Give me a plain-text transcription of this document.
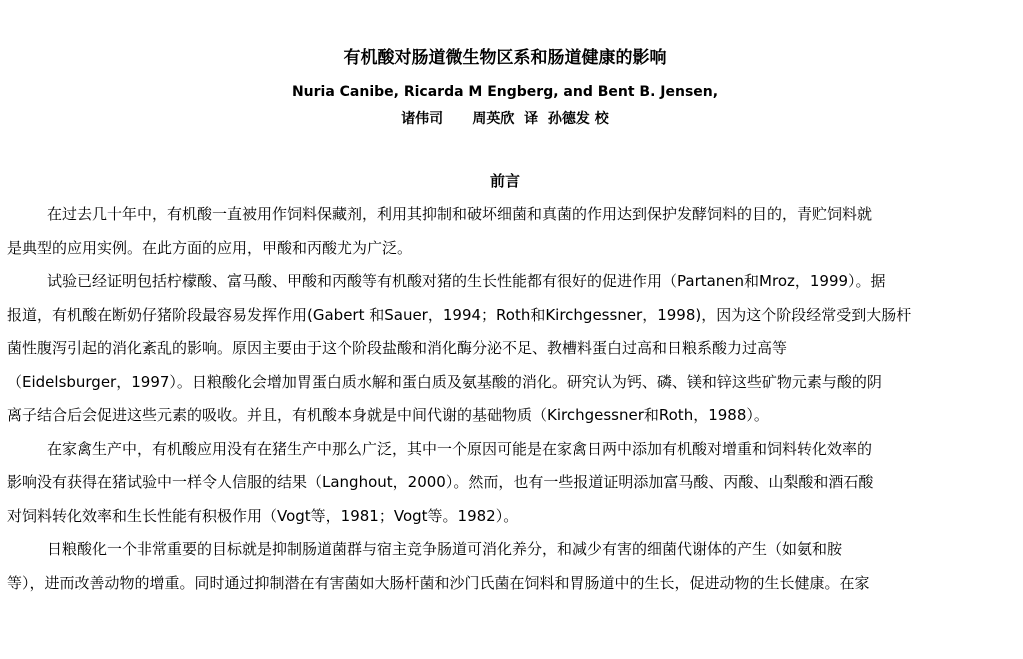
有机酸对肠道微生物区系和肠道健康的影响
Nuria Canibe, Ricarda M Engberg, and Bent B. Jensen,
诸伟司      周英欣  译  孙德发 校
前言
在过去几十年中，有机酸一直被用作饲料保藏剂，利用其抑制和破坏细菌和真菌的作用达到保护发酵饲料的目的，青贮饲料就
是典型的应用实例。在此方面的应用，甲酸和丙酸尤为广泛。
试验已经证明包括柠檬酸、富马酸、甲酸和丙酸等有机酸对猪的生长性能都有很好的促进作用（Partanen和Mroz，1999）。据
报道，有机酸在断奶仔猪阶段最容易发挥作用(Gabert 和Sauer，1994；Roth和Kirchgessner，1998)，因为这个阶段经常受到大肠杆
菌性腹泻引起的消化紊乱的影响。原因主要由于这个阶段盐酸和消化酶分泌不足、教槽料蛋白过高和日粮系酸力过高等
（Eidelsburger，1997）。日粮酸化会增加胃蛋白质水解和蛋白质及氨基酸的消化。研究认为钙、磷、镁和锌这些矿物元素与酸的阴
离子结合后会促进这些元素的吸收。并且，有机酸本身就是中间代谢的基础物质（Kirchgessner和Roth，1988）。
在家禽生产中，有机酸应用没有在猪生产中那么广泛，其中一个原因可能是在家禽日两中添加有机酸对增重和饲料转化效率的
影响没有获得在猪试验中一样令人信服的结果（Langhout，2000）。然而，也有一些报道证明添加富马酸、丙酸、山梨酸和酒石酸
对饲料转化效率和生长性能有积极作用（Vogt等，1981；Vogt等。1982）。
日粮酸化一个非常重要的目标就是抑制肠道菌群与宿主竞争肠道可消化养分，和减少有害的细菌代谢体的产生（如氨和胺
等），进而改善动物的增重。同时通过抑制潜在有害菌如大肠杆菌和沙门氏菌在饲料和胃肠道中的生长，促进动物的生长健康。在家
